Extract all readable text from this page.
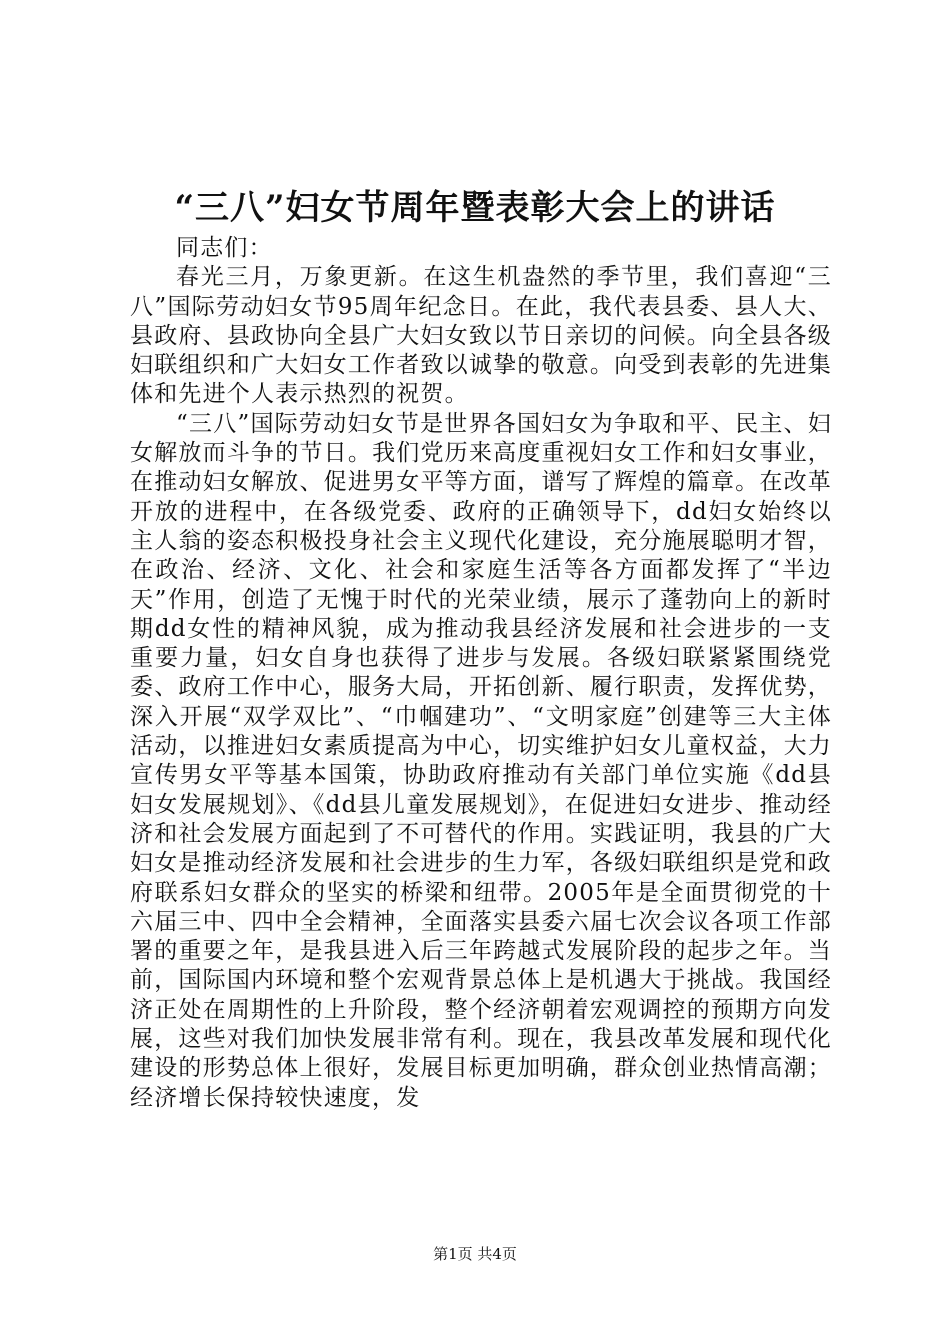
“三八”妇女节周年暨表彰大会上的讲话

同志们：

春光三月，万象更新。在这生机盎然的季节里，我们喜迎“三八”国际劳动妇女节95周年纪念日。在此，我代表县委、县人大、县政府、县政协向全县广大妇女致以节日亲切的问候。向全县各级妇联组织和广大妇女工作者致以诚挚的敬意。向受到表彰的先进集体和先进个人表示热烈的祝贺。

“三八”国际劳动妇女节是世界各国妇女为争取和平、民主、妇女解放而斗争的节日。我们党历来高度重视妇女工作和妇女事业，在推动妇女解放、促进男女平等方面，谱写了辉煌的篇章。在改革开放的进程中，在各级党委、政府的正确领导下，dd妇女始终以主人翁的姿态积极投身社会主义现代化建设，充分施展聪明才智，在政治、经济、文化、社会和家庭生活等各方面都发挥了“半边天”作用，创造了无愧于时代的光荣业绩，展示了蓬勃向上的新时期dd女性的精神风貌，成为推动我县经济发展和社会进步的一支重要力量，妇女自身也获得了进步与发展。各级妇联紧紧围绕党委、政府工作中心，服务大局，开拓创新、履行职责，发挥优势，深入开展“双学双比”、“巾帼建功”、“文明家庭”创建等三大主体活动，以推进妇女素质提高为中心，切实维护妇女儿童权益，大力宣传男女平等基本国策，协助政府推动有关部门单位实施《dd县妇女发展规划》、《dd县儿童发展规划》，在促进妇女进步、推动经济和社会发展方面起到了不可替代的作用。实践证明，我县的广大妇女是推动经济发展和社会进步的生力军，各级妇联组织是党和政府联系妇女群众的坚实的桥梁和纽带。2005年是全面贯彻党的十六届三中、四中全会精神，全面落实县委六届七次会议各项工作部署的重要之年，是我县进入后三年跨越式发展阶段的起步之年。当前，国际国内环境和整个宏观背景总体上是机遇大于挑战。我国经济正处在周期性的上升阶段，整个经济朝着宏观调控的预期方向发展，这些对我们加快发展非常有利。现在，我县改革发展和现代化建设的形势总体上很好，发展目标更加明确，群众创业热情高潮；经济增长保持较快速度，发

第1页 共4页
